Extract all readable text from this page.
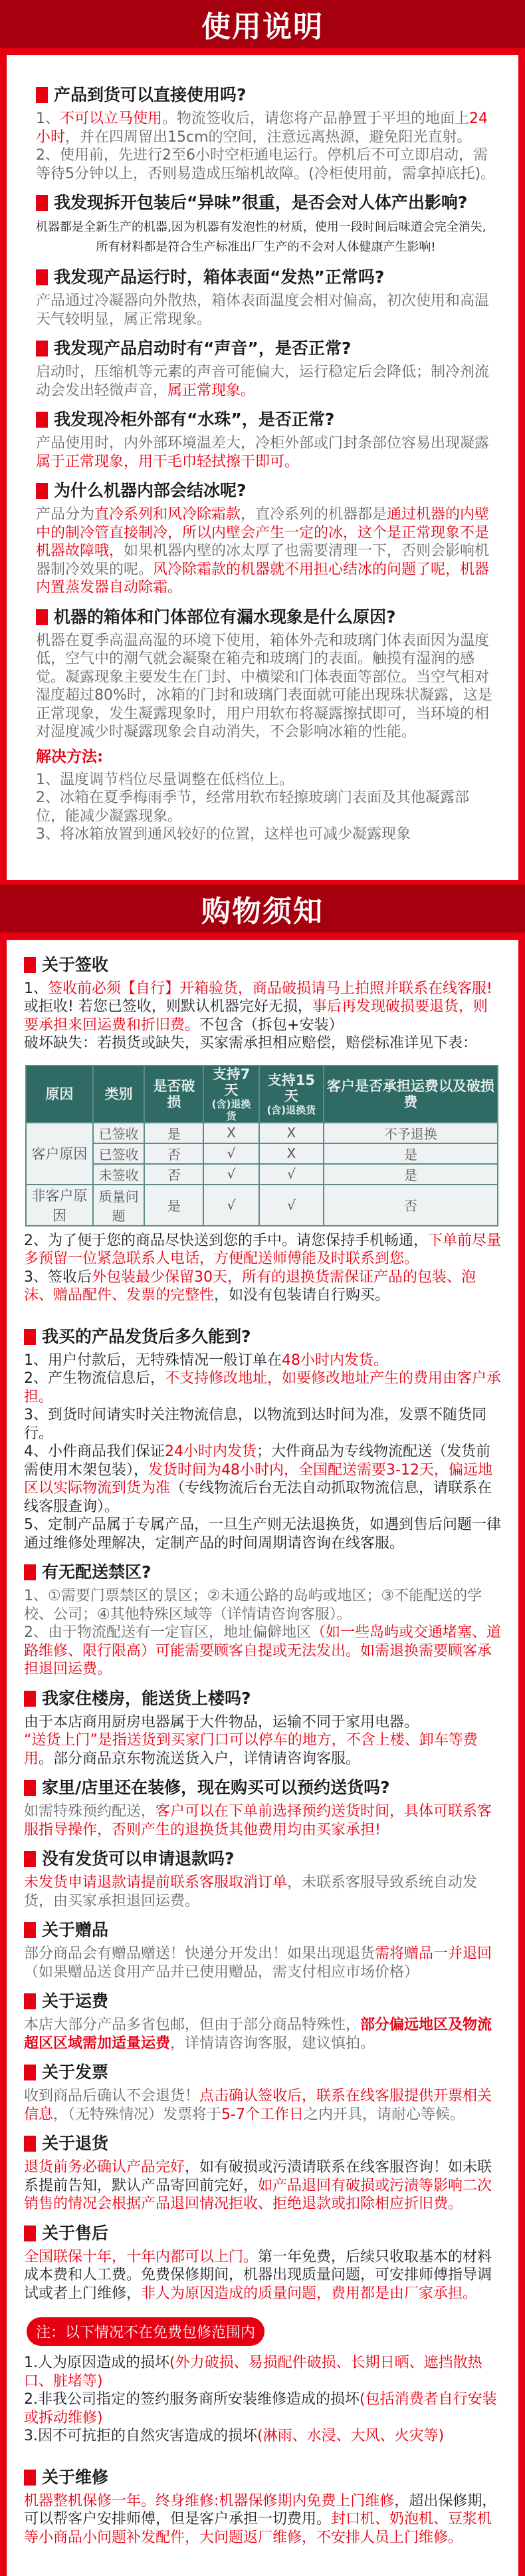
使用说明
产品到货可以直接使用吗?

1、不可以立马使用。物流签收后，请您将产品静置于平坦的地面上24小时，并在四周留出15cm的空间，注意远离热源，避免阳光直射。

2、使用前，先进行2至6小时空柜通电运行。停机后不可立即启动，需等待5分钟以上，否则易造成压缩机故障。(冷柜使用前，需拿掉底托)。

我发现拆开包装后“异味”很重，是否会对人体产出影响?

机器都是全新生产的机器,因为机器有发泡性的材质，使用一段时间后味道会完全消失,

所有材料都是符合生产标准出厂生产的不会对人体健康产生影响!

我发现产品运行时，箱体表面“发热”正常吗?

产品通过冷凝器向外散热，箱体表面温度会相对偏高，初次使用和高温天气较明显，属正常现象。

我发现产品启动时有“声音”，是否正常?

启动时，压缩机等元素的声音可能偏大，运行稳定后会降低；制冷剂流动会发出轻微声音，属正常现象。

我发现冷柜外部有“水珠”，是否正常?

产品使用时，内外部环境温差大，冷柜外部或门封条部位容易出现凝露属于正常现象，用干毛巾轻拭擦干即可。

为什么机器内部会结冰呢?

产品分为直冷系列和风冷除霜款，直冷系列的机器都是通过机器的内壁中的制冷管直接制冷，所以内壁会产生一定的冰，这个是正常现象不是机器故障哦，如果机器内壁的冰太厚了也需要清理一下，否则会影响机器制冷效果的呢。风冷除霜款的机器就不用担心结冰的问题了呢，机器内置蒸发器自动除霜。

机器的箱体和门体部位有漏水现象是什么原因?

机器在夏季高温高湿的环境下使用，箱体外壳和玻璃门体表面因为温度低，空气中的潮气就会凝聚在箱壳和玻璃门的表面。触摸有湿润的感觉。凝露现象主要发生在门封、中横梁和门体表面等部位。当空气相对湿度超过80%时，冰箱的门封和玻璃门表面就可能出现珠状凝露，这是正常现象，发生凝露现象时，用户用软布将凝露擦拭即可，当环境的相对湿度减少时凝露现象会自动消失，不会影响冰箱的性能。

解决方法:

1、温度调节档位尽量调整在低档位上。

2、冰箱在夏季梅雨季节，经常用软布轻擦玻璃门表面及其他凝露部位，能减少凝露现象。

3、将冰箱放置到通风较好的位置，这样也可减少凝露现象

购物须知
关于签收

1、签收前必须【自行】开箱验货，商品破损请马上拍照并联系在线客服! 或拒收! 若您已签收，则默认机器完好无损，事后再发现破损要退货，则要承担来回运费和折旧费。不包含（拆包+安装）

破坏缺失：若损货或缺失，买家需承担相应赔偿，赔偿标准详见下表：

原因	类别	是否破损	支持7天
(含)退换货	支持15天
(含)退换货	客户是否承担运费以及破损费
客户原因	已签收	是	X	X	不予退换
	已签收	否	√	X	是
	未签收	否	√	√	是
非客户原因	质量问题	是	√	√	否

2、为了便于您的商品尽快送到您的手中。请您保持手机畅通，下单前尽量多预留一位紧急联系人电话，方便配送师傅能及时联系到您。

3、签收后外包装最少保留30天，所有的退换货需保证产品的包装、泡沫、赠品配件、发票的完整性，如没有包装请自行购买。

我买的产品发货后多久能到?

1、用户付款后，无特殊情况一般订单在48小时内发货。

2、产生物流信息后，不支持修改地址，如要修改地址产生的费用由客户承担。

3、到货时间请实时关注物流信息，以物流到达时间为准，发票不随货同行。

4、小件商品我们保证24小时内发货；大件商品为专线物流配送（发货前需使用木架包装），发货时间为48小时内，全国配送需要3-12天，偏远地区以实际物流到货为准（专线物流后台无法自动抓取物流信息，请联系在线客服查询）。

5、定制产品属于专属产品，一旦生产则无法退换货，如遇到售后问题一律通过维修处理解决，定制产品的时间周期请咨询在线客服。

有无配送禁区?

1、①需要门票禁区的景区；②未通公路的岛屿或地区；③不能配送的学校、公司；④其他特殊区域等（详情请咨询客服）。

2、由于物流配送有一定盲区，地址偏僻地区（如一些岛屿或交通堵塞、道路维修、限行限高）可能需要顾客自提或无法发出。如需退换需要顾客承担退回运费。

我家住楼房，能送货上楼吗?

由于本店商用厨房电器属于大件物品，运输不同于家用电器。

“送货上门”是指送货到买家门口可以停车的地方，不含上楼、卸车等费用。部分商品京东物流送货入户，详情请咨询客服。

家里/店里还在装修，现在购买可以预约送货吗?

如需特殊预约配送，客户可以在下单前选择预约送货时间，具体可联系客服指导操作，否则产生的退换货其他费用均由买家承担!

没有发货可以申请退款吗?

未发货申请退款请提前联系客服取消订单，未联系客服导致系统自动发货，由买家承担退回运费。

关于赠品

部分商品会有赠品赠送！快递分开发出！如果出现退货需将赠品一并退回（如果赠品送食用产品并已使用赠品，需支付相应市场价格）

关于运费

本店大部分产品多省包邮，但由于部分商品特殊性，部分偏远地区及物流超区区域需加适量运费，详情请咨询客服，建议慎拍。

关于发票

收到商品后确认不会退货！点击确认签收后，联系在线客服提供开票相关信息，（无特殊情况）发票将于5-7个工作日之内开具，请耐心等候。

关于退货

退货前务必确认产品完好，如有破损或污渍请联系在线客服咨询！如未联系提前告知，默认产品寄回前完好，如产品退回有破损或污渍等影响二次销售的情况会根据产品退回情况拒收、拒绝退款或扣除相应折旧费。

关于售后

全国联保十年，十年内都可以上门。第一年免费，后续只收取基本的材料成本费和人工费。免费保修期间，机器出现质量问题，可安排师傅指导调试或者上门维修，非人为原因造成的质量问题，费用都是由厂家承担。

注：以下情况不在免费包修范围内

1.人为原因造成的损坏(外力破损、易损配件破损、长期日晒、遮挡散热口、脏堵等)

2.非我公司指定的签约服务商所安装维修造成的损坏(包括消费者自行安装或拆动维修)

3.因不可抗拒的自然灾害造成的损坏(淋雨、水浸、大风、火灾等)

关于维修

机器整机保修一年。终身维修:机器保修期内免费上门维修，超出保修期，可以帮客户安排师傅，但是客户承担一切费用。封口机、奶泡机、豆浆机等小商品小问题补发配件，大问题返厂维修，不安排人员上门维修。
